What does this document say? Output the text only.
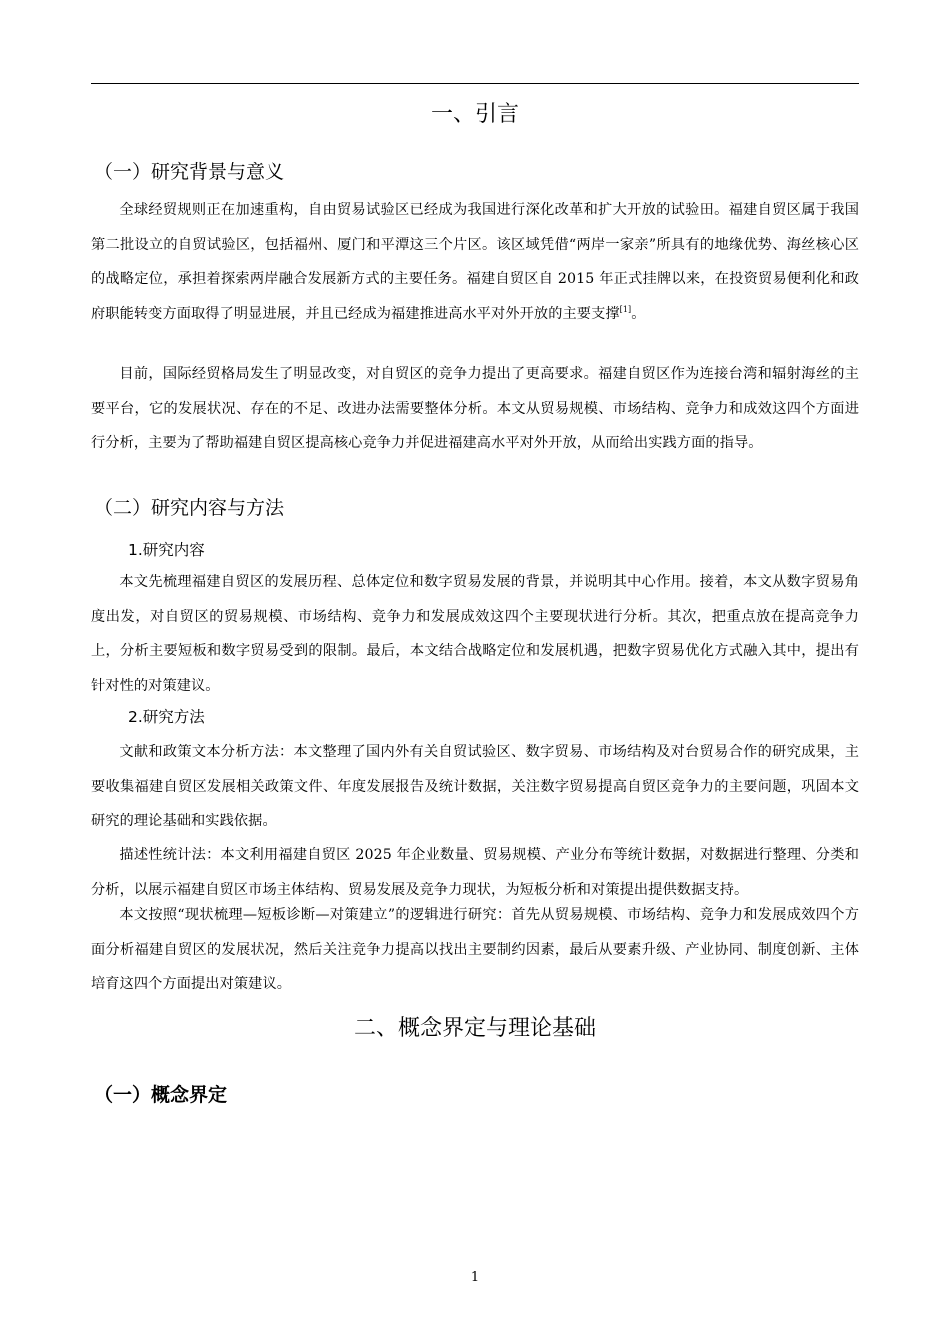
一、引言
（一）研究背景与意义

全球经贸规则正在加速重构，自由贸易试验区已经成为我国进行深化改革和扩大开放的试验田。福建自贸区属于我国第二批设立的自贸试验区，包括福州、厦门和平潭这三个片区。该区域凭借“两岸一家亲”所具有的地缘优势、海丝核心区的战略定位，承担着探索两岸融合发展新方式的主要任务。福建自贸区自 2015 年正式挂牌以来，在投资贸易便利化和政府职能转变方面取得了明显进展，并且已经成为福建推进高水平对外开放的主要支撑[1]。

目前，国际经贸格局发生了明显改变，对自贸区的竞争力提出了更高要求。福建自贸区作为连接台湾和辐射海丝的主要平台，它的发展状况、存在的不足、改进办法需要整体分析。本文从贸易规模、市场结构、竞争力和成效这四个方面进行分析，主要为了帮助福建自贸区提高核心竞争力并促进福建高水平对外开放，从而给出实践方面的指导。

（二）研究内容与方法
1.研究内容

本文先梳理福建自贸区的发展历程、总体定位和数字贸易发展的背景，并说明其中心作用。接着，本文从数字贸易角度出发，对自贸区的贸易规模、市场结构、竞争力和发展成效这四个主要现状进行分析。其次，把重点放在提高竞争力上，分析主要短板和数字贸易受到的限制。最后，本文结合战略定位和发展机遇，把数字贸易优化方式融入其中，提出有针对性的对策建议。

2.研究方法

文献和政策文本分析方法：本文整理了国内外有关自贸试验区、数字贸易、市场结构及对台贸易合作的研究成果，主要收集福建自贸区发展相关政策文件、年度发展报告及统计数据，关注数字贸易提高自贸区竞争力的主要问题，巩固本文研究的理论基础和实践依据。

描述性统计法：本文利用福建自贸区 2025 年企业数量、贸易规模、产业分布等统计数据，对数据进行整理、分类和分析，以展示福建自贸区市场主体结构、贸易发展及竞争力现状，为短板分析和对策提出提供数据支持。

本文按照“现状梳理—短板诊断—对策建立”的逻辑进行研究：首先从贸易规模、市场结构、竞争力和发展成效四个方面分析福建自贸区的发展状况，然后关注竞争力提高以找出主要制约因素，最后从要素升级、产业协同、制度创新、主体培育这四个方面提出对策建议。

二、概念界定与理论基础
（一）概念界定
1
